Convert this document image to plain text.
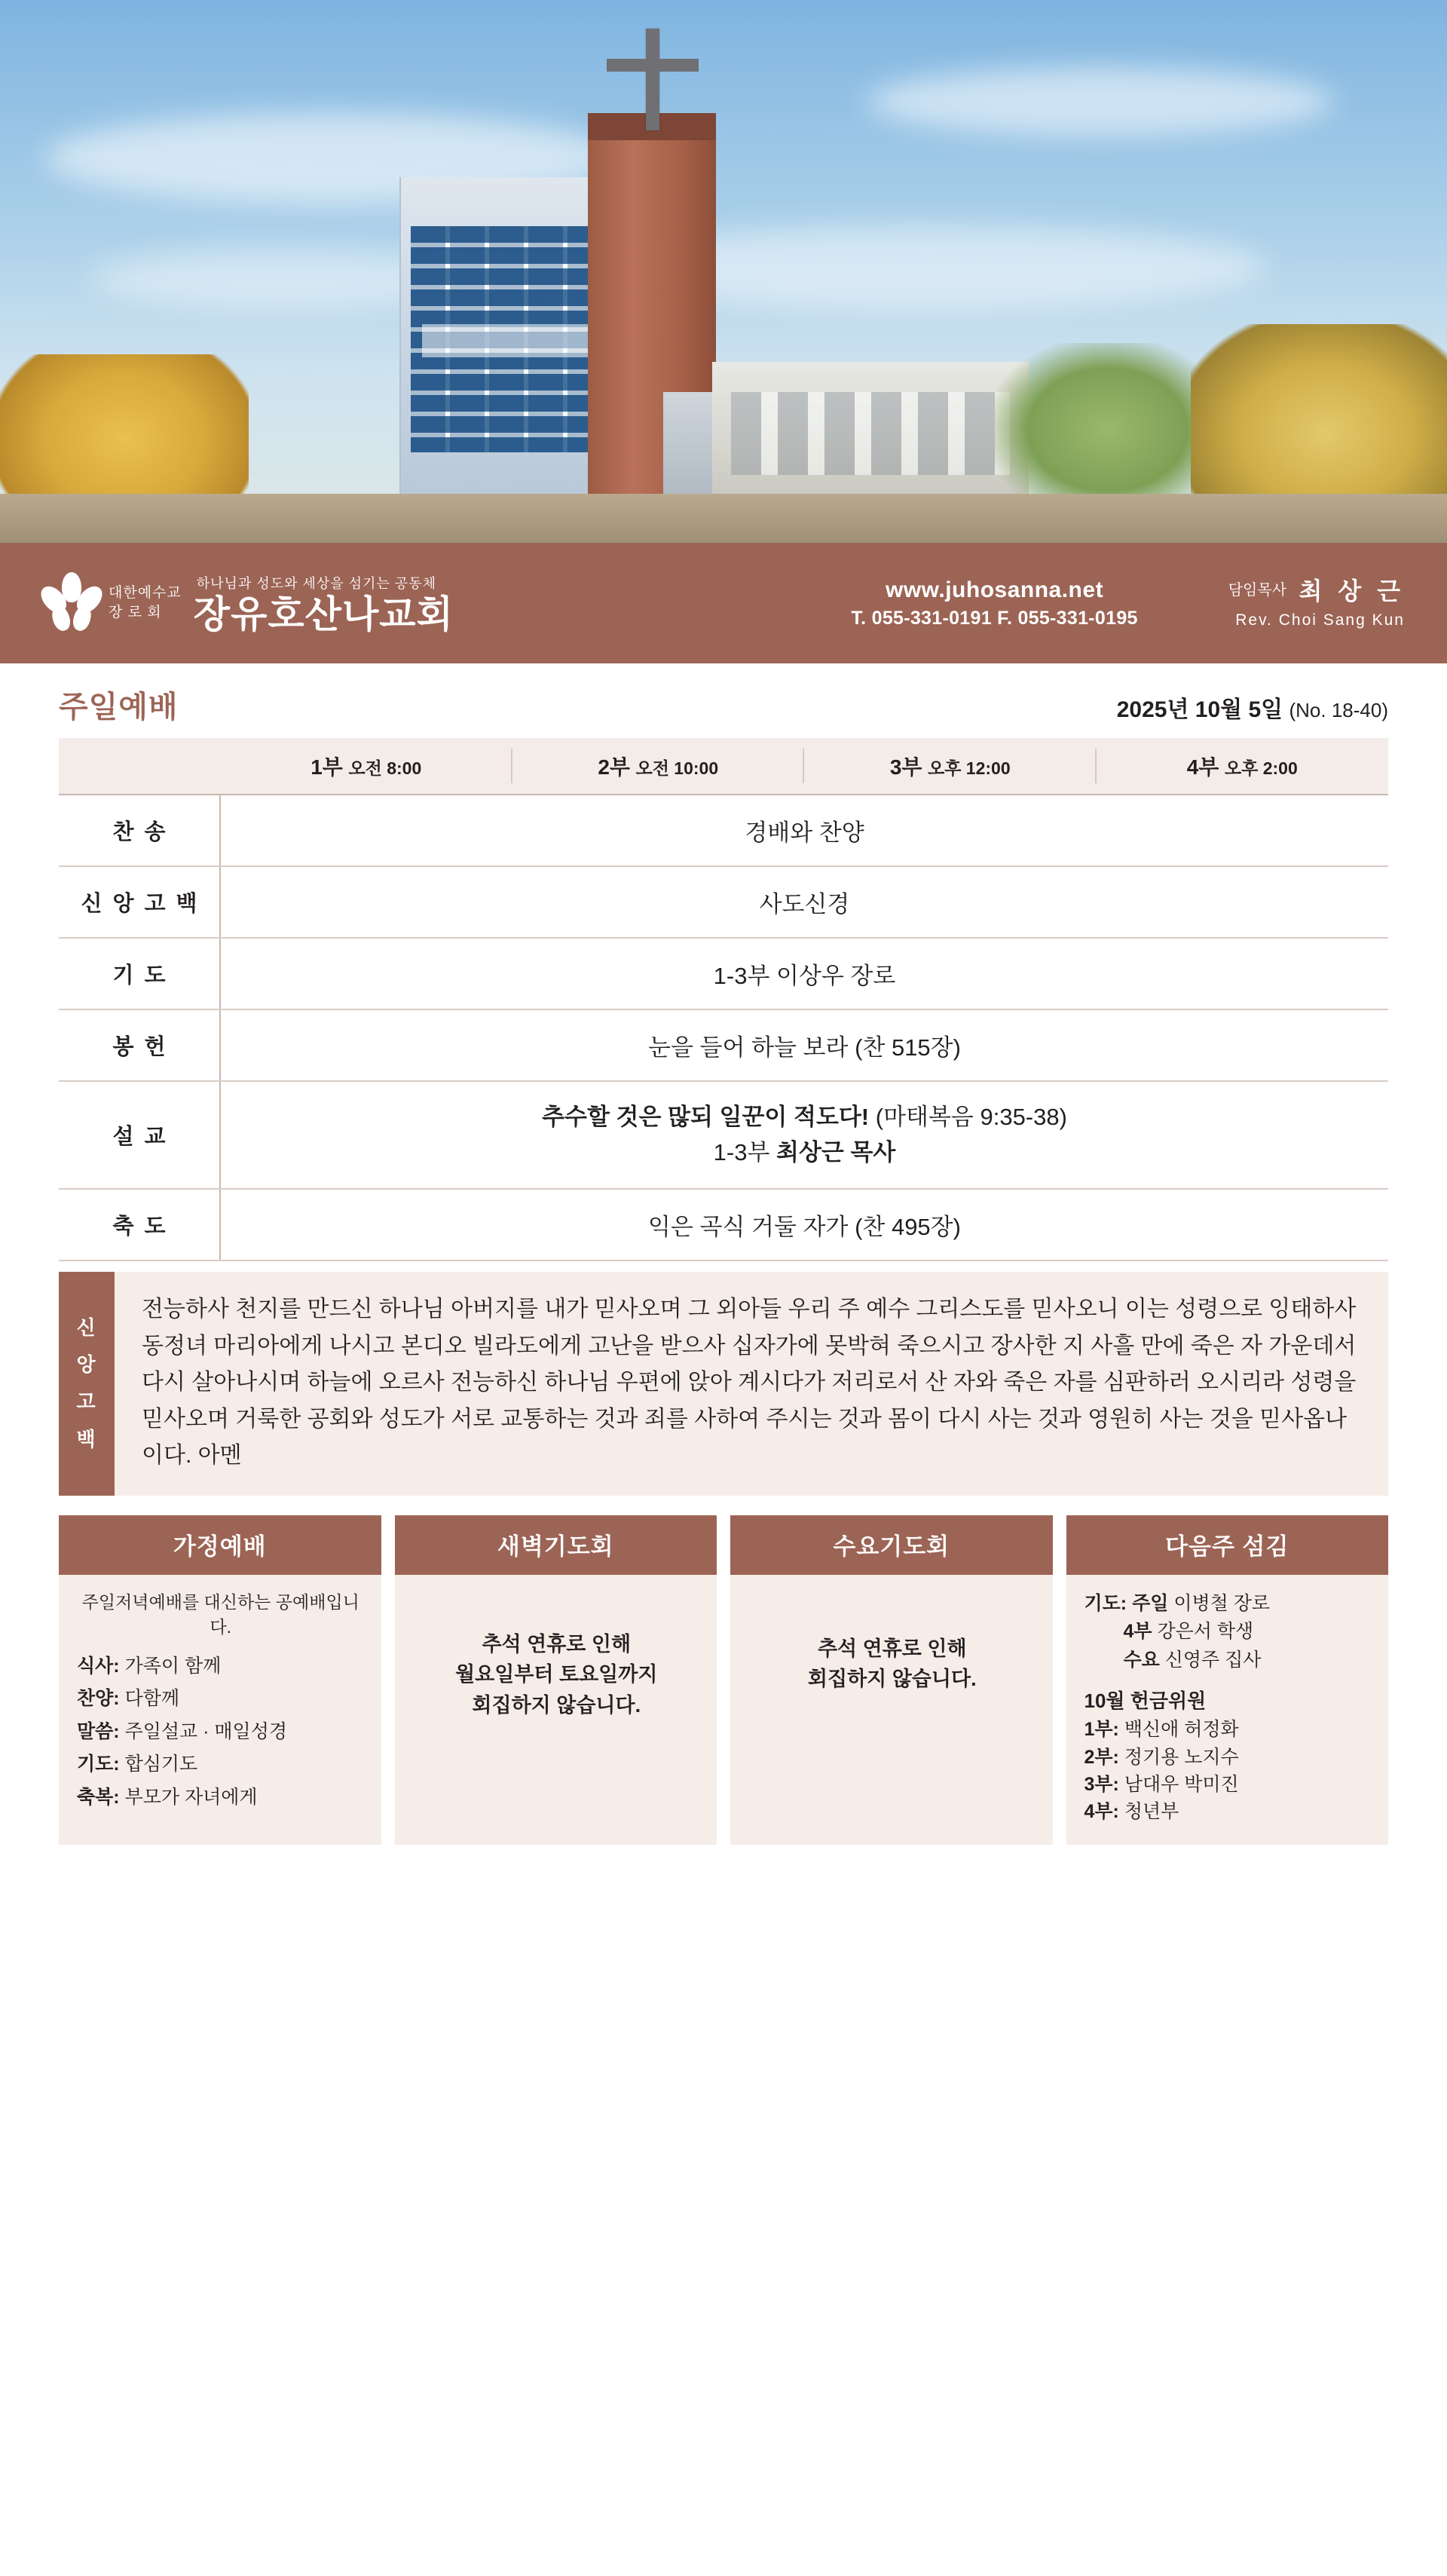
대한예수교
장 로 회
하나님과 성도와 세상을 섬기는 공동체
장유호산나교회
www.juhosanna.net
T. 055-331-0191 F. 055-331-0195
담임목사 최 상 근
Rev. Choi Sang Kun
주일예배	2025년 10월 5일 (No. 18-40)
	1부 오전 8:00	2부 오전 10:00	3부 오후 12:00	4부 오후 2:00
찬송	경배와 찬양			
신앙고백	사도신경			
기도	1-3부 이상우 장로			
봉헌	눈을 들어 하늘 보라 (찬 515장)			
설교	추수할 것은 많되 일꾼이 적도다! (마태복음 9:35-38)
1-3부 최상근 목사			

축도	익은 곡식 거둘 자가 (찬 495장)			
신
앙
고
백
전능하사 천지를 만드신 하나님 아버지를 내가 믿사오며 그 외아들 우리 주 예수 그리스도를 믿사오니 이는 성령으로 잉태하사 동정녀 마리아에게 나시고 본디오 빌라도에게 고난을 받으사 십자가에 못박혀 죽으시고 장사한 지 사흘 만에 죽은 자 가운데서 다시 살아나시며 하늘에 오르사 전능하신 하나님 우편에 앉아 계시다가 저리로서 산 자와 죽은 자를 심판하러 오시리라 성령을 믿사오며 거룩한 공회와 성도가 서로 교통하는 것과 죄를 사하여 주시는 것과 몸이 다시 사는 것과 영원히 사는 것을 믿사옵나이다. 아멘
가정예배
주일저녁예배를 대신하는 공예배입니다.
식사: 가족이 함께
찬양: 다함께
말씀: 주일설교 · 매일성경
기도: 합심기도
축복: 부모가 자녀에게
새벽기도회
추석 연휴로 인해
월요일부터 토요일까지
회집하지 않습니다.
수요기도회
추석 연휴로 인해
회집하지 않습니다.
다음주 섬김
기도: 주일 이병철 장로
4부 강은서 학생
수요 신영주 집사
10월 헌금위원
1부: 백신애 허정화
2부: 정기용 노지수
3부: 남대우 박미진
4부: 청년부
